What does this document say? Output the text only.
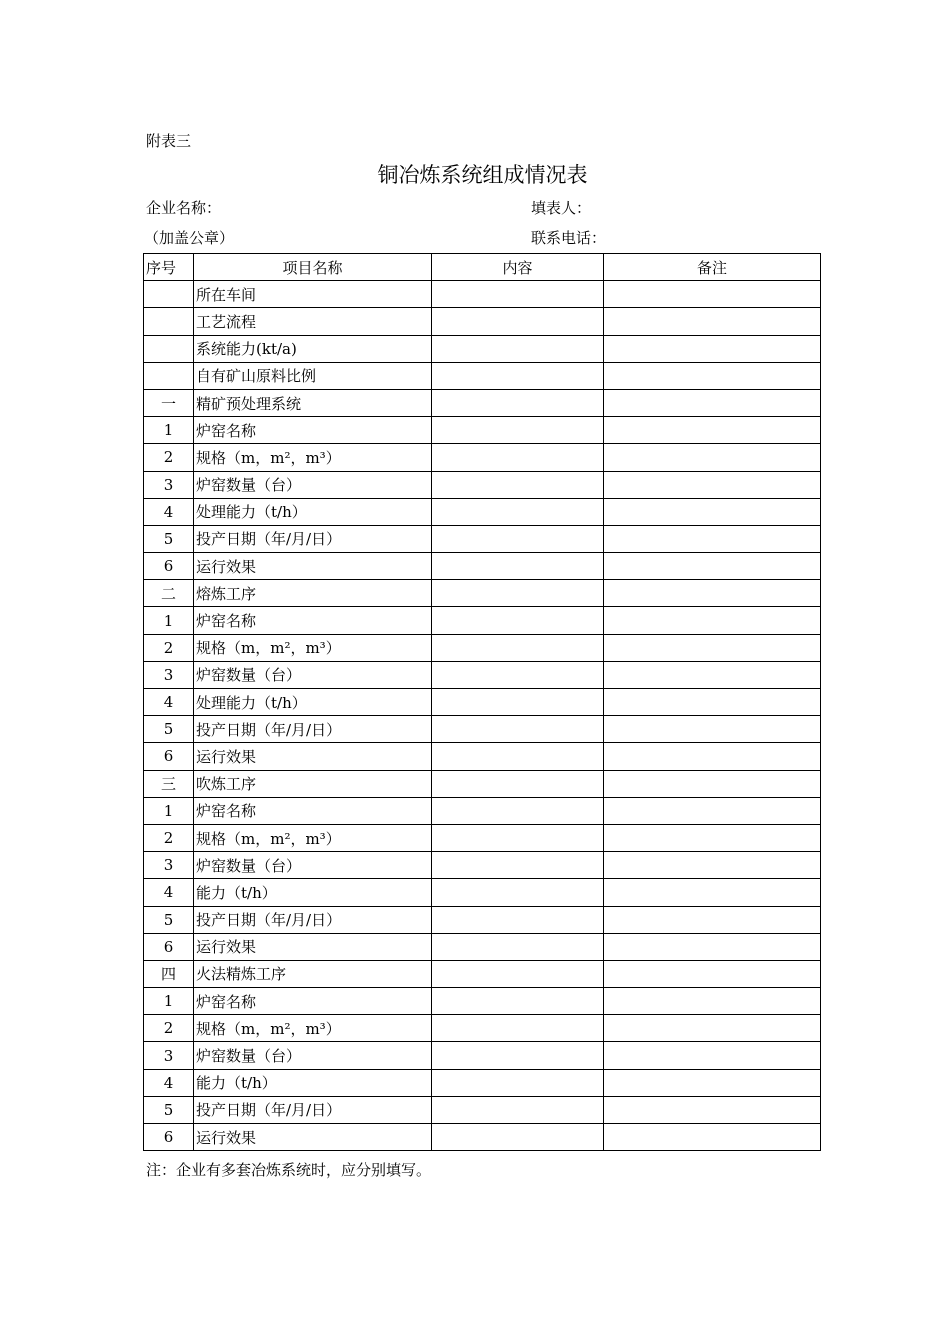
附表三
铜冶炼系统组成情况表
企业名称：	填表人：
（加盖公章）	联系电话：
序号	项目名称	内容	备注
	所在车间		
	工艺流程		
	系统能力(kt/a)		
	自有矿山原料比例		
一	精矿预处理系统		
1	炉窑名称		
2	规格（m，m²，m³）		
3	炉窑数量（台）		
4	处理能力（t/h）		
5	投产日期（年/月/日）		
6	运行效果		
二	熔炼工序		
1	炉窑名称		
2	规格（m，m²，m³）		
3	炉窑数量（台）		
4	处理能力（t/h）		
5	投产日期（年/月/日）		
6	运行效果		
三	吹炼工序		
1	炉窑名称		
2	规格（m，m²，m³）		
3	炉窑数量（台）		
4	能力（t/h）		
5	投产日期（年/月/日）		
6	运行效果		
四	火法精炼工序		
1	炉窑名称		
2	规格（m，m²，m³）		
3	炉窑数量（台）		
4	能力（t/h）		
5	投产日期（年/月/日）		
6	运行效果		
注：企业有多套冶炼系统时，应分别填写。
